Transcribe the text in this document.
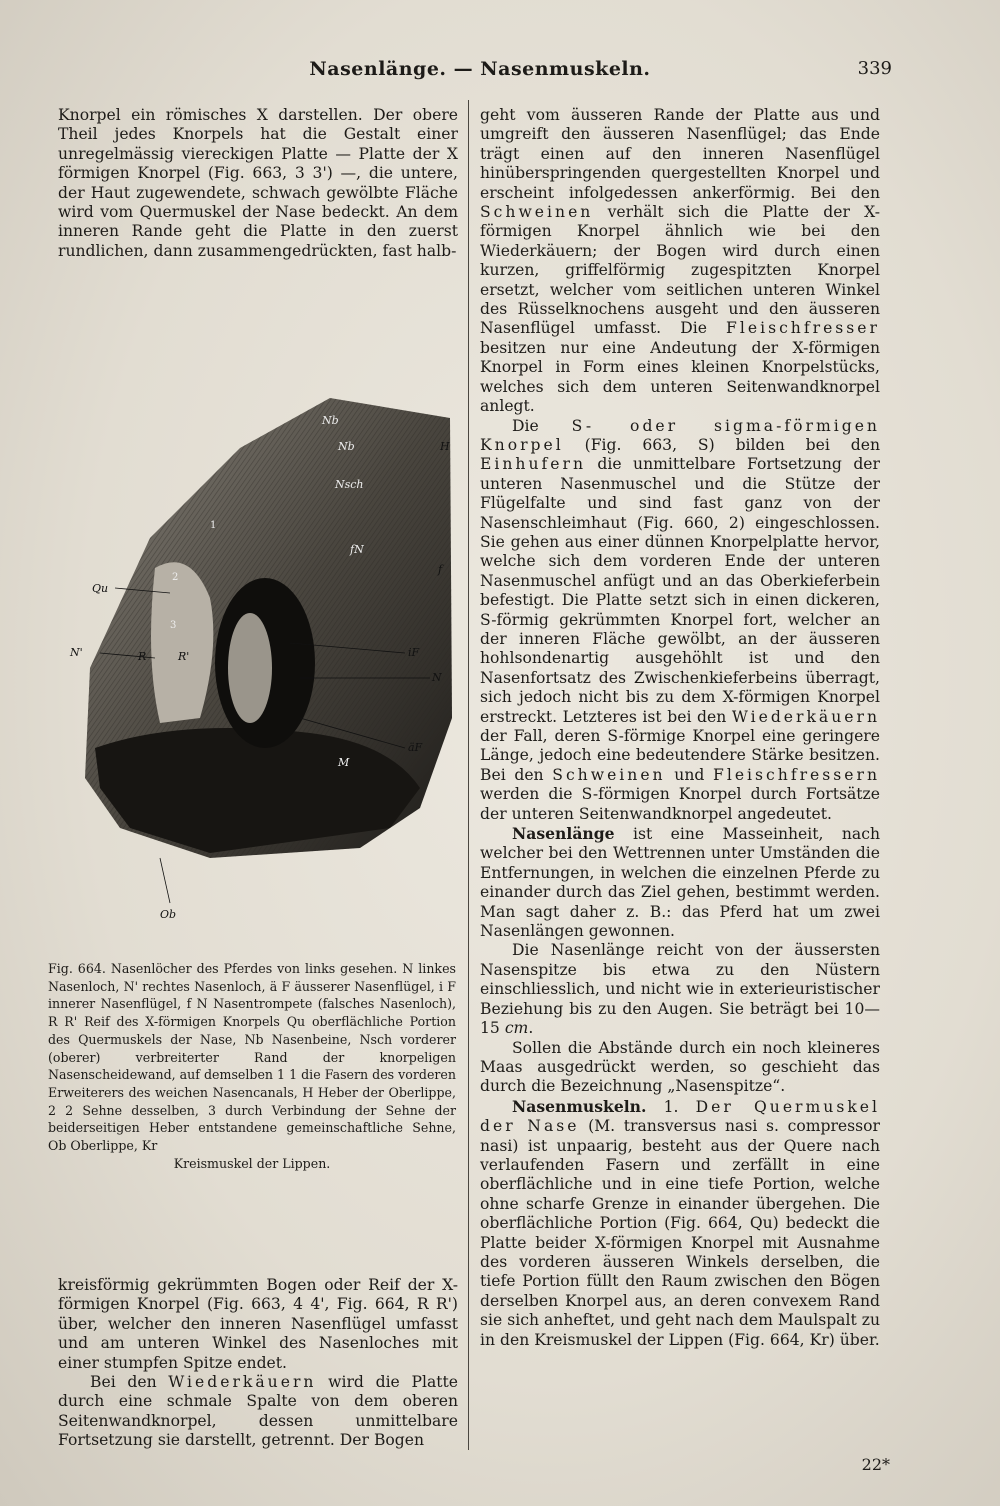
Nasenlänge. — Nasenmuskeln.	339

Knorpel ein römisches X darstellen. Der obere Theil jedes Knorpels hat die Gestalt einer unregelmässig viereckigen Platte — Platte der X förmigen Knorpel (Fig. 663, 3 3') —, die untere, der Haut zugewendete, schwach gewölbte Fläche wird vom Quermuskel der Nase bedeckt. An dem inneren Rande geht die Platte in den zuerst rundlichen, dann zusammengedrückten, fast halb-

Nb
Nb	H
Nsch
fN
f
Qu
N'	R	R'	iF
N
äF
M
Ob
1
2
3

Fig. 664. Nasenlöcher des Pferdes von links gesehen. N linkes Nasenloch, N' rechtes Nasenloch, ä F äusserer Nasenflügel, i F innerer Nasenflügel, f N Nasentrompete (falsches Nasenloch), R R' Reif des X-förmigen Knorpels Qu oberflächliche Portion des Quermuskels der Nase, Nb Nasenbeine, Nsch vorderer (oberer) verbreiterter Rand der knorpeligen Nasenscheidewand, auf demselben 1 1 die Fasern des vorderen Erweiterers des weichen Nasencanals, H Heber der Oberlippe, 2 2 Sehne desselben, 3 durch Verbindung der Sehne der beiderseitigen Heber entstandene gemeinschaftliche Sehne, Ob Oberlippe, Kr

Kreismuskel der Lippen.

kreisförmig gekrümmten Bogen oder Reif der X-förmigen Knorpel (Fig. 663, 4 4', Fig. 664, R R') über, welcher den inneren Nasenflügel umfasst und am unteren Winkel des Nasenloches mit einer stumpfen Spitze endet.

Bei den Wiederkäuern wird die Platte durch eine schmale Spalte von dem oberen Seitenwandknorpel, dessen unmittelbare Fortsetzung sie darstellt, getrennt. Der Bogen

geht vom äusseren Rande der Platte aus und umgreift den äusseren Nasenflügel; das Ende trägt einen auf den inneren Nasenflügel hinüberspringenden quergestellten Knorpel und erscheint infolgedessen ankerförmig. Bei den Schweinen verhält sich die Platte der X-förmigen Knorpel ähnlich wie bei den Wiederkäuern; der Bogen wird durch einen kurzen, griffelförmig zugespitzten Knorpel ersetzt, welcher vom seitlichen unteren Winkel des Rüsselknochens ausgeht und den äusseren Nasenflügel umfasst. Die Fleischfresser besitzen nur eine Andeutung der X-förmigen Knorpel in Form eines kleinen Knorpelstücks, welches sich dem unteren Seitenwandknorpel anlegt.

Die S- oder sigma-förmigen Knorpel (Fig. 663, S) bilden bei den Einhufern die unmittelbare Fortsetzung der unteren Nasenmuschel und die Stütze der Flügelfalte und sind fast ganz von der Nasenschleimhaut (Fig. 660, 2) eingeschlossen. Sie gehen aus einer dünnen Knorpelplatte hervor, welche sich dem vorderen Ende der unteren Nasenmuschel anfügt und an das Oberkieferbein befestigt. Die Platte setzt sich in einen dickeren, S-förmig gekrümmten Knorpel fort, welcher an der inneren Fläche gewölbt, an der äusseren hohlsondenartig ausgehöhlt ist und den Nasenfortsatz des Zwischenkieferbeins überragt, sich jedoch nicht bis zu dem X-förmigen Knorpel erstreckt. Letzteres ist bei den Wiederkäuern der Fall, deren S-förmige Knorpel eine geringere Länge, jedoch eine bedeutendere Stärke besitzen. Bei den Schweinen und Fleischfressern werden die S-förmigen Knorpel durch Fortsätze der unteren Seitenwandknorpel angedeutet.

Nasenlänge ist eine Masseinheit, nach welcher bei den Wettrennen unter Umständen die Entfernungen, in welchen die einzelnen Pferde zu einander durch das Ziel gehen, bestimmt werden. Man sagt daher z. B.: das Pferd hat um zwei Nasenlängen gewonnen.

Die Nasenlänge reicht von der äussersten Nasenspitze bis etwa zu den Nüstern einschliesslich, und nicht wie in exterieuristischer Beziehung bis zu den Augen. Sie beträgt bei 10—15 cm.

Sollen die Abstände durch ein noch kleineres Maas ausgedrückt werden, so geschieht das durch die Bezeichnung „Nasenspitze“.

Nasenmuskeln. 1. Der Quermuskel der Nase (M. transversus nasi s. compressor nasi) ist unpaarig, besteht aus der Quere nach verlaufenden Fasern und zerfällt in eine oberflächliche und in eine tiefe Portion, welche ohne scharfe Grenze in einander übergehen. Die oberflächliche Portion (Fig. 664, Qu) bedeckt die Platte beider X-förmigen Knorpel mit Ausnahme des vorderen äusseren Winkels derselben, die tiefe Portion füllt den Raum zwischen den Bögen derselben Knorpel aus, an deren convexem Rand sie sich anheftet, und geht nach dem Maulspalt zu in den Kreismuskel der Lippen (Fig. 664, Kr) über.

22*
